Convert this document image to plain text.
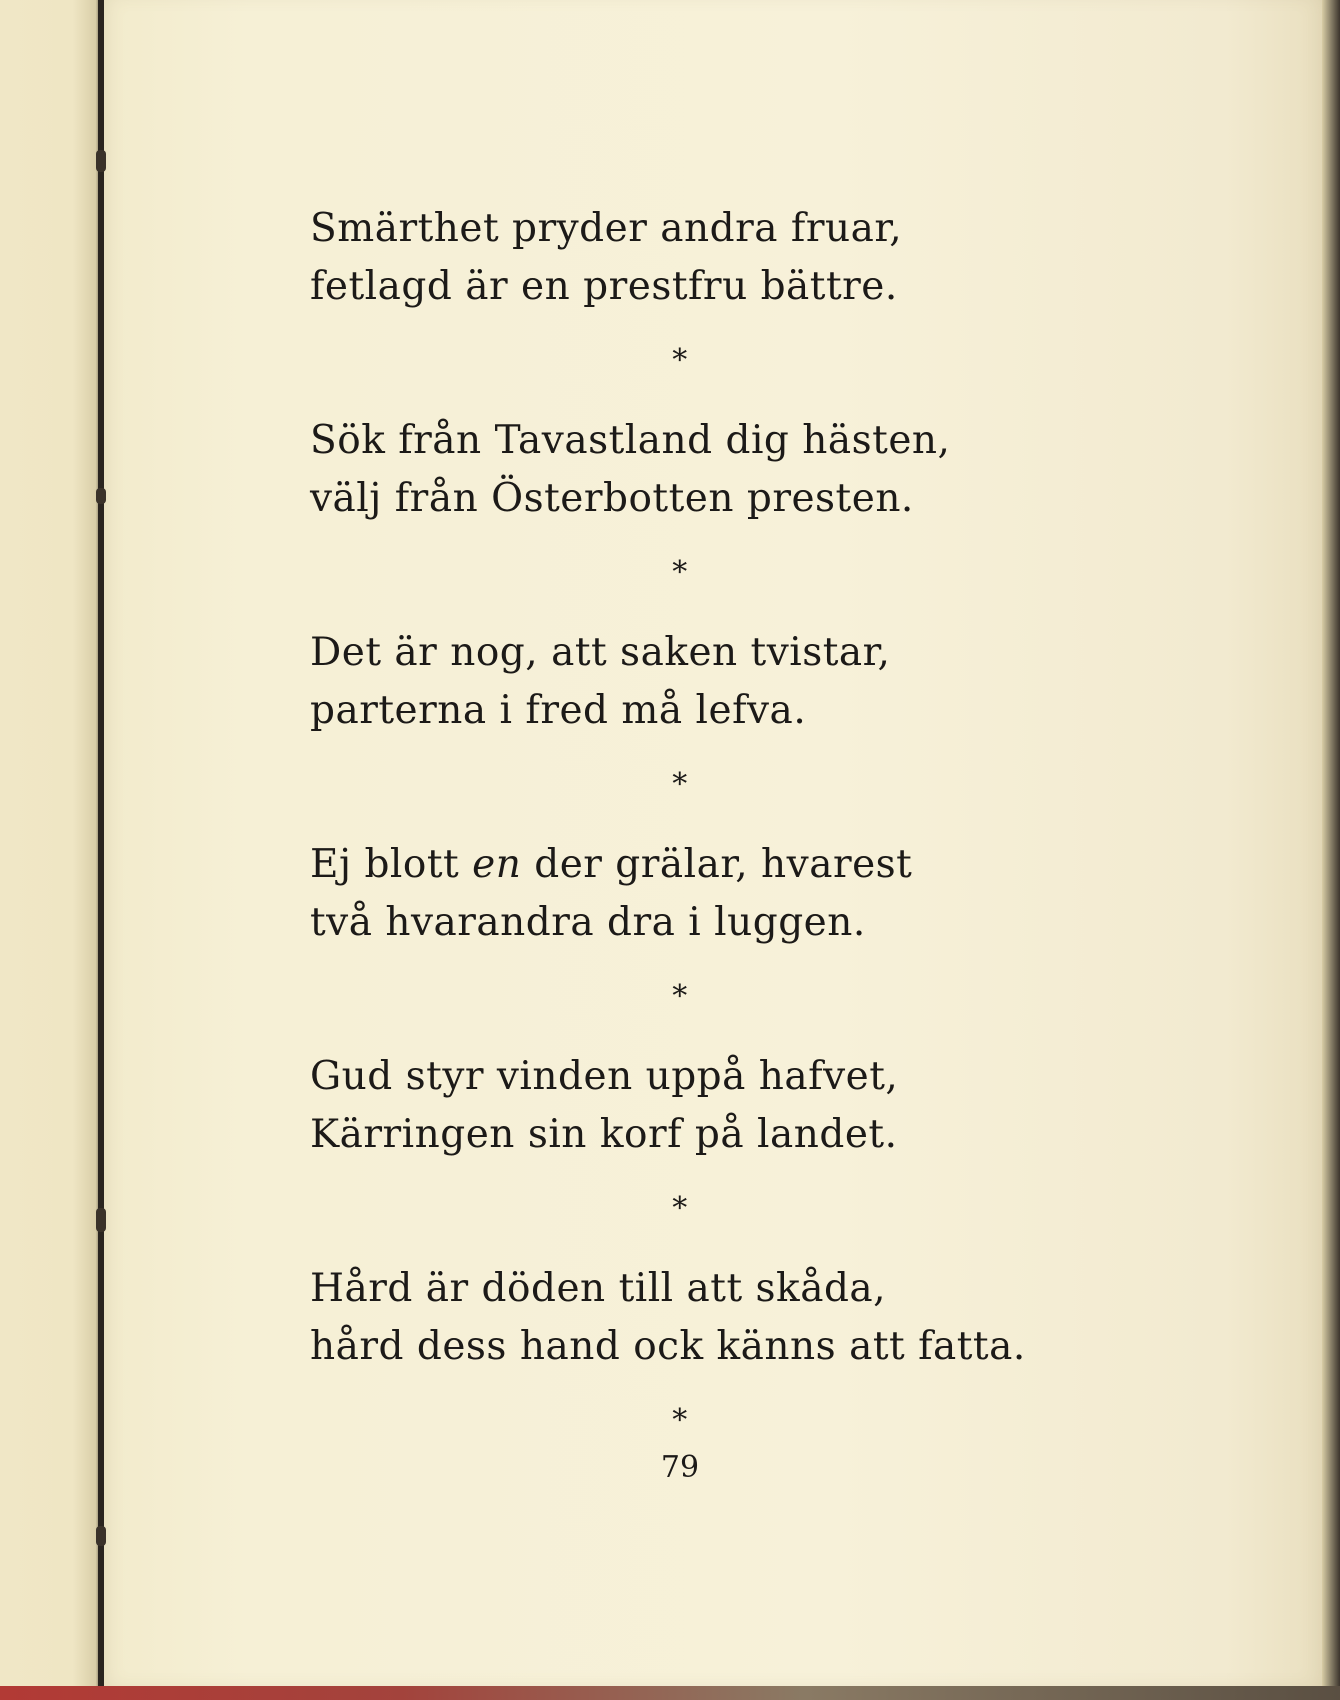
Smärthet pryder andra fruar,
fetlagd är en prestfru bättre.
*
Sök från Tavastland dig hästen,
välj från Österbotten presten.
*
Det är nog, att saken tvistar,
parterna i fred må lefva.
*
Ej blott en der grälar, hvarest
två hvarandra dra i luggen.
*
Gud styr vinden uppå hafvet,
Kärringen sin korf på landet.
*
Hård är döden till att skåda,
hård dess hand ock känns att fatta.
*
79
